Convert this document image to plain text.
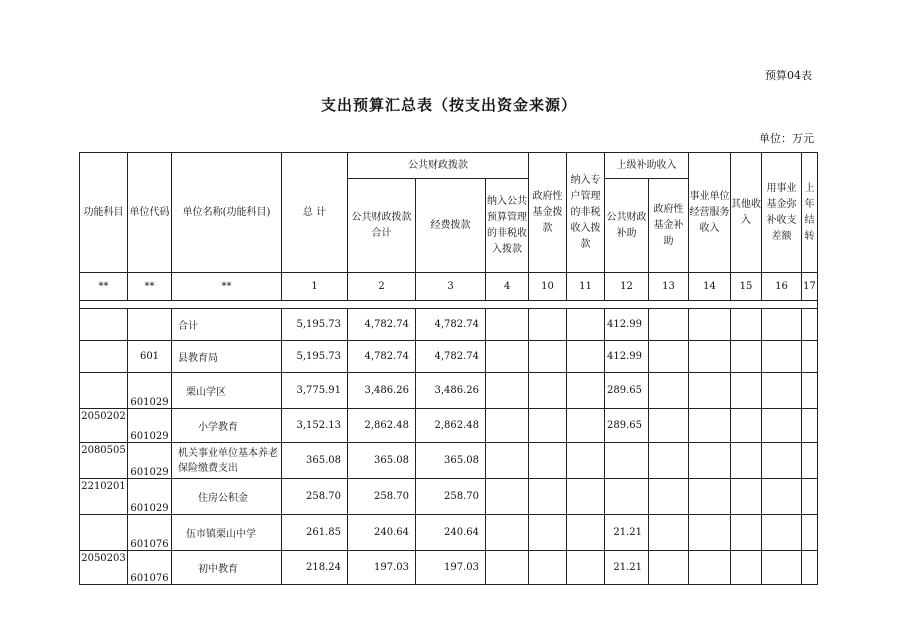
预算04表
支出预算汇总表（按支出资金来源）
单位：万元
功能科目	单位代码	单位名称(功能科目)	总 计	公共财政拨款			政府性基金拨款	纳入专户管理的非税收入拨款	上级补助收入		事业单位经营服务收入	其他收入	用事业基金弥补收支差额	上年结转
				公共财政拨款合计	经费拨款	纳入公共预算管理的非税收入拨款			公共财政补助	政府性基金补助				
**	**	**	1	2	3	4	10	11	12	13	14	15	16	17

		合计	5,195.73	4,782.74	4,782.74				412.99					
	601	县教育局	5,195.73	4,782.74	4,782.74				412.99					
	601029	栗山学区	3,775.91	3,486.26	3,486.26				289.65					
2050202	601029	小学教育	3,152.13	2,862.48	2,862.48				289.65					
2080505	601029	机关事业单位基本养老保险缴费支出	365.08	365.08	365.08									
2210201	601029	住房公积金	258.70	258.70	258.70									
	601076	伍市镇栗山中学	261.85	240.64	240.64				21.21					
2050203	601076	初中教育	218.24	197.03	197.03				21.21					
